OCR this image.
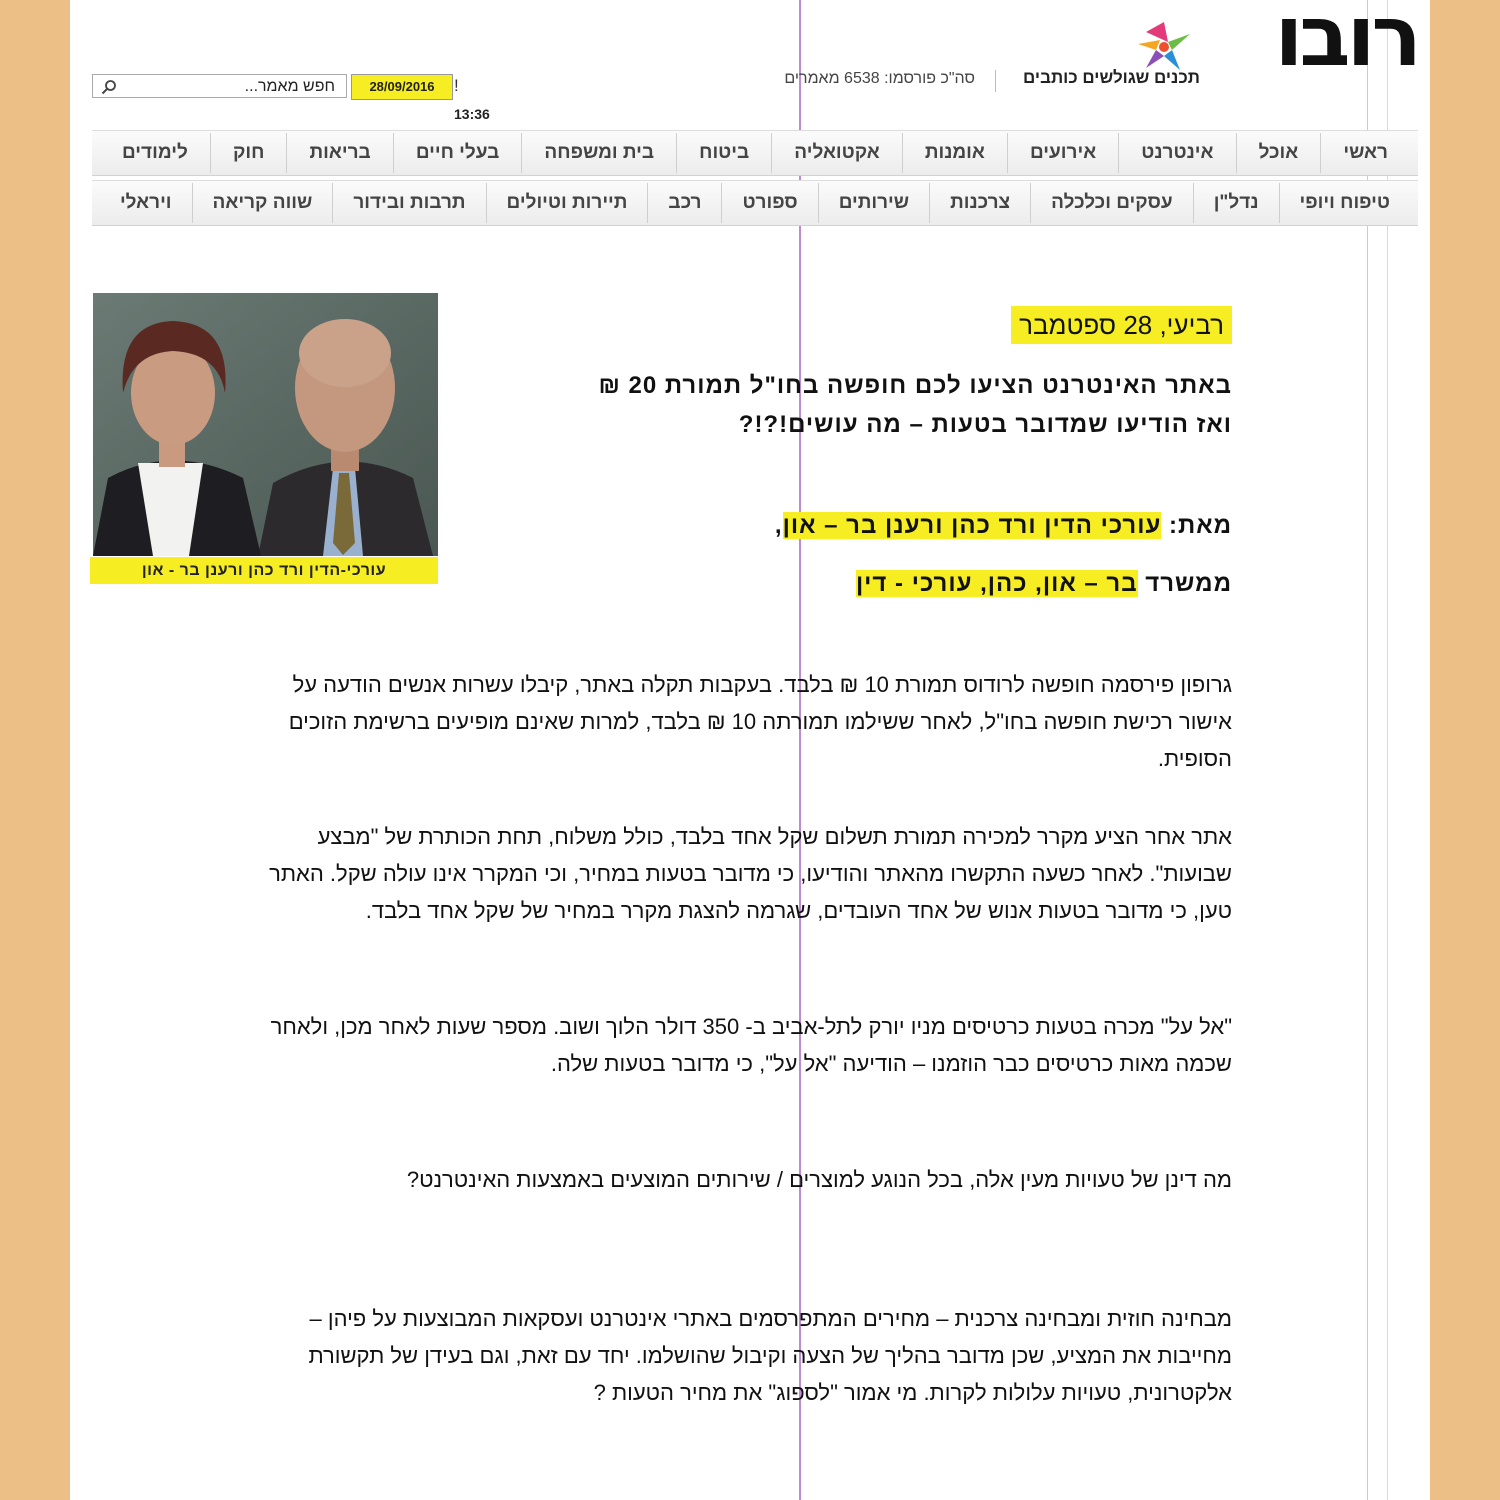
רובו
תכנים שגולשים כותבים
סה"כ פורסמו: 6538 מאמרים
28/09/2016	!
13:36
חפש מאמר...
ראשי
אוכל
אינטרנט
אירועים
אומנות
אקטואליה
ביטוח
בית ומשפחה
בעלי חיים
בריאות
חוק
לימודים
טיפוח ויופי
נדל"ן
עסקים וכלכלה
צרכנות
שירותים
ספורט
רכב
תיירות וטיולים
תרבות ובידור
שווה קריאה
ויראלי
עורכי-הדין ורד כהן ורענן בר - און
רביעי, 28 ספטמבר
באתר האינטרנט הציעו לכם חופשה בחו"ל תמורת 20 ₪
ואז הודיעו שמדובר בטעות – מה עושים!?!?
מאת: עורכי הדין ורד כהן ורענן בר – און,
ממשרד בר – און, כהן, עורכי - דין
גרופון פירסמה חופשה לרודוס תמורת 10 ₪ בלבד. בעקבות תקלה באתר, קיבלו עשרות אנשים הודעה על אישור רכישת חופשה בחו"ל, לאחר ששילמו תמורתה 10 ₪ בלבד, למרות שאינם מופיעים ברשימת הזוכים הסופית.
אתר אחר הציע מקרר למכירה תמורת תשלום שקל אחד בלבד, כולל משלוח, תחת הכותרת של "מבצע שבועות". לאחר כשעה התקשרו מהאתר והודיעו, כי מדובר בטעות במחיר, וכי המקרר אינו עולה שקל. האתר טען, כי מדובר בטעות אנוש של אחד העובדים, שגרמה להצגת מקרר במחיר של שקל אחד בלבד.
"אל על" מכרה בטעות כרטיסים מניו יורק לתל-אביב ב- 350 דולר הלוך ושוב. מספר שעות לאחר מכן, ולאחר שכמה מאות כרטיסים כבר הוזמנו – הודיעה "אל על", כי מדובר בטעות שלה.
מה דינן של טעויות מעין אלה, בכל הנוגע למוצרים / שירותים המוצעים באמצעות האינטרנט?
מבחינה חוזית ומבחינה צרכנית – מחירים המתפרסמים באתרי אינטרנט ועסקאות המבוצעות על פיהן – מחייבות את המציע, שכן מדובר בהליך של הצעה וקיבול שהושלמו. יחד עם זאת, וגם בעידן של תקשורת אלקטרונית, טעויות עלולות לקרות. מי אמור "לספוג" את מחיר הטעות ?
